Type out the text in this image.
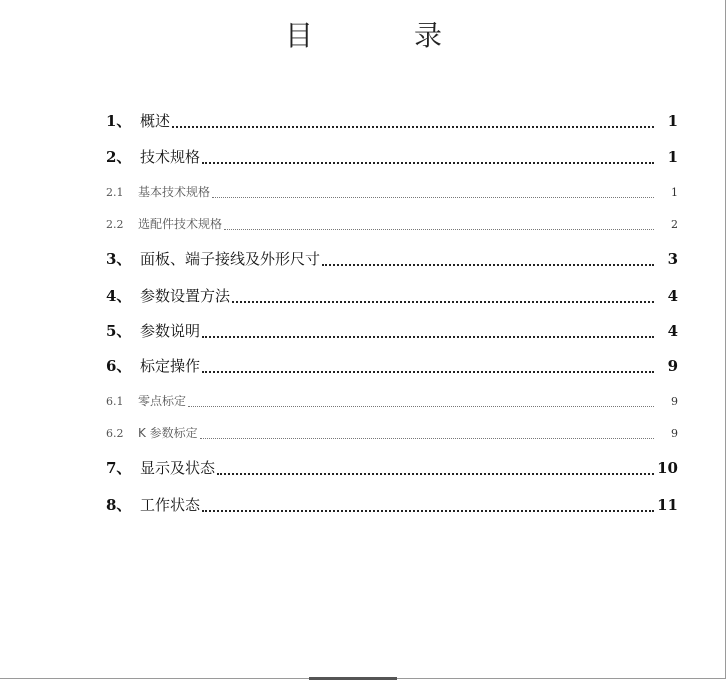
目 录
1、 概述	1
2、 技术规格	1
2.1	基本技术规格	1
2.2	选配件技术规格	2
3、 面板、端子接线及外形尺寸	3
4、 参数设置方法	4
5、 参数说明	4
6、 标定操作	9
6.1	零点标定	9
6.2	K 参数标定	9
7、 显示及状态	10
8、 工作状态	11
